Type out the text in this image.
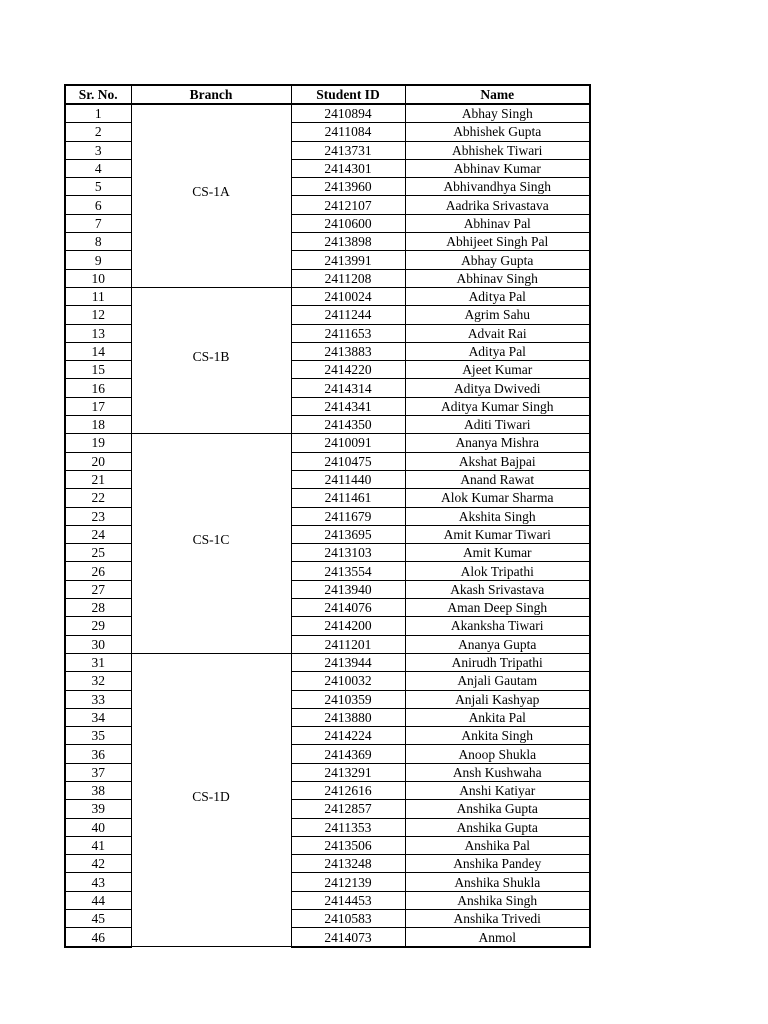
Sr. No.	Branch	Student ID	Name
1	CS-1A	2410894	Abhay Singh
2		2411084	Abhishek Gupta
3		2413731	Abhishek Tiwari
4		2414301	Abhinav Kumar
5		2413960	Abhivandhya Singh
6		2412107	Aadrika Srivastava
7		2410600	Abhinav Pal
8		2413898	Abhijeet Singh Pal
9		2413991	Abhay Gupta
10		2411208	Abhinav Singh
11	CS-1B	2410024	Aditya Pal
12		2411244	Agrim Sahu
13		2411653	Advait Rai
14		2413883	Aditya Pal
15		2414220	Ajeet Kumar
16		2414314	Aditya Dwivedi
17		2414341	Aditya Kumar Singh
18		2414350	Aditi Tiwari
19	CS-1C	2410091	Ananya Mishra
20		2410475	Akshat Bajpai
21		2411440	Anand Rawat
22		2411461	Alok Kumar Sharma
23		2411679	Akshita Singh
24		2413695	Amit Kumar Tiwari
25		2413103	Amit Kumar
26		2413554	Alok Tripathi
27		2413940	Akash Srivastava
28		2414076	Aman Deep Singh
29		2414200	Akanksha Tiwari
30		2411201	Ananya Gupta
31	CS-1D	2413944	Anirudh Tripathi
32		2410032	Anjali Gautam
33		2410359	Anjali Kashyap
34		2413880	Ankita Pal
35		2414224	Ankita Singh
36		2414369	Anoop Shukla
37		2413291	Ansh Kushwaha
38		2412616	Anshi Katiyar
39		2412857	Anshika Gupta
40		2411353	Anshika Gupta
41		2413506	Anshika Pal
42		2413248	Anshika Pandey
43		2412139	Anshika Shukla
44		2414453	Anshika Singh
45		2410583	Anshika Trivedi
46		2414073	Anmol
